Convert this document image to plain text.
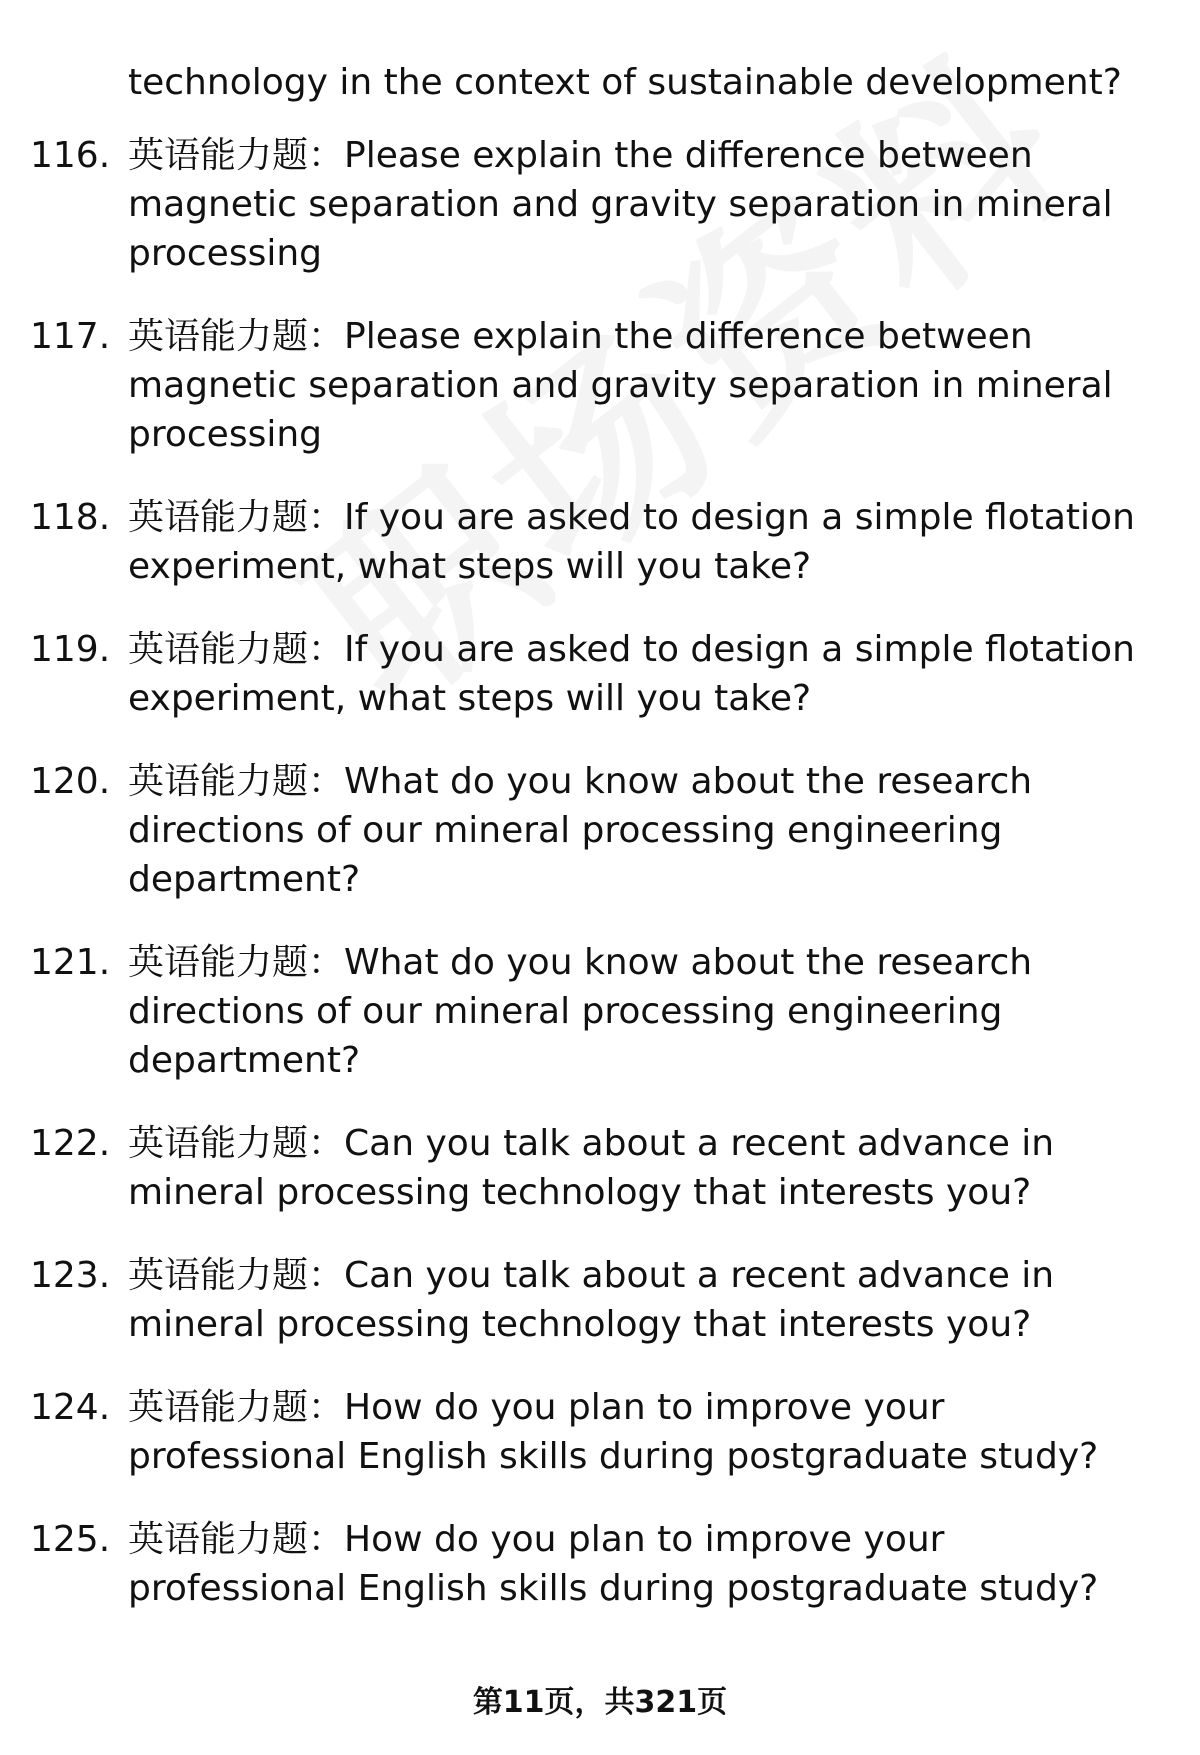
technology in the context of sustainable development?

116. 英语能力题：Please explain the difference between magnetic separation and gravity separation in mineral processing
117. 英语能力题：Please explain the difference between magnetic separation and gravity separation in mineral processing
118. 英语能力题：If you are asked to design a simple flotation experiment, what steps will you take?
119. 英语能力题：If you are asked to design a simple flotation experiment, what steps will you take?
120. 英语能力题：What do you know about the research directions of our mineral processing engineering department?
121. 英语能力题：What do you know about the research directions of our mineral processing engineering department?
122. 英语能力题：Can you talk about a recent advance in mineral processing technology that interests you?
123. 英语能力题：Can you talk about a recent advance in mineral processing technology that interests you?
124. 英语能力题：How do you plan to improve your professional English skills during postgraduate study?
125. 英语能力题：How do you plan to improve your professional English skills during postgraduate study?
第11页，共321页
